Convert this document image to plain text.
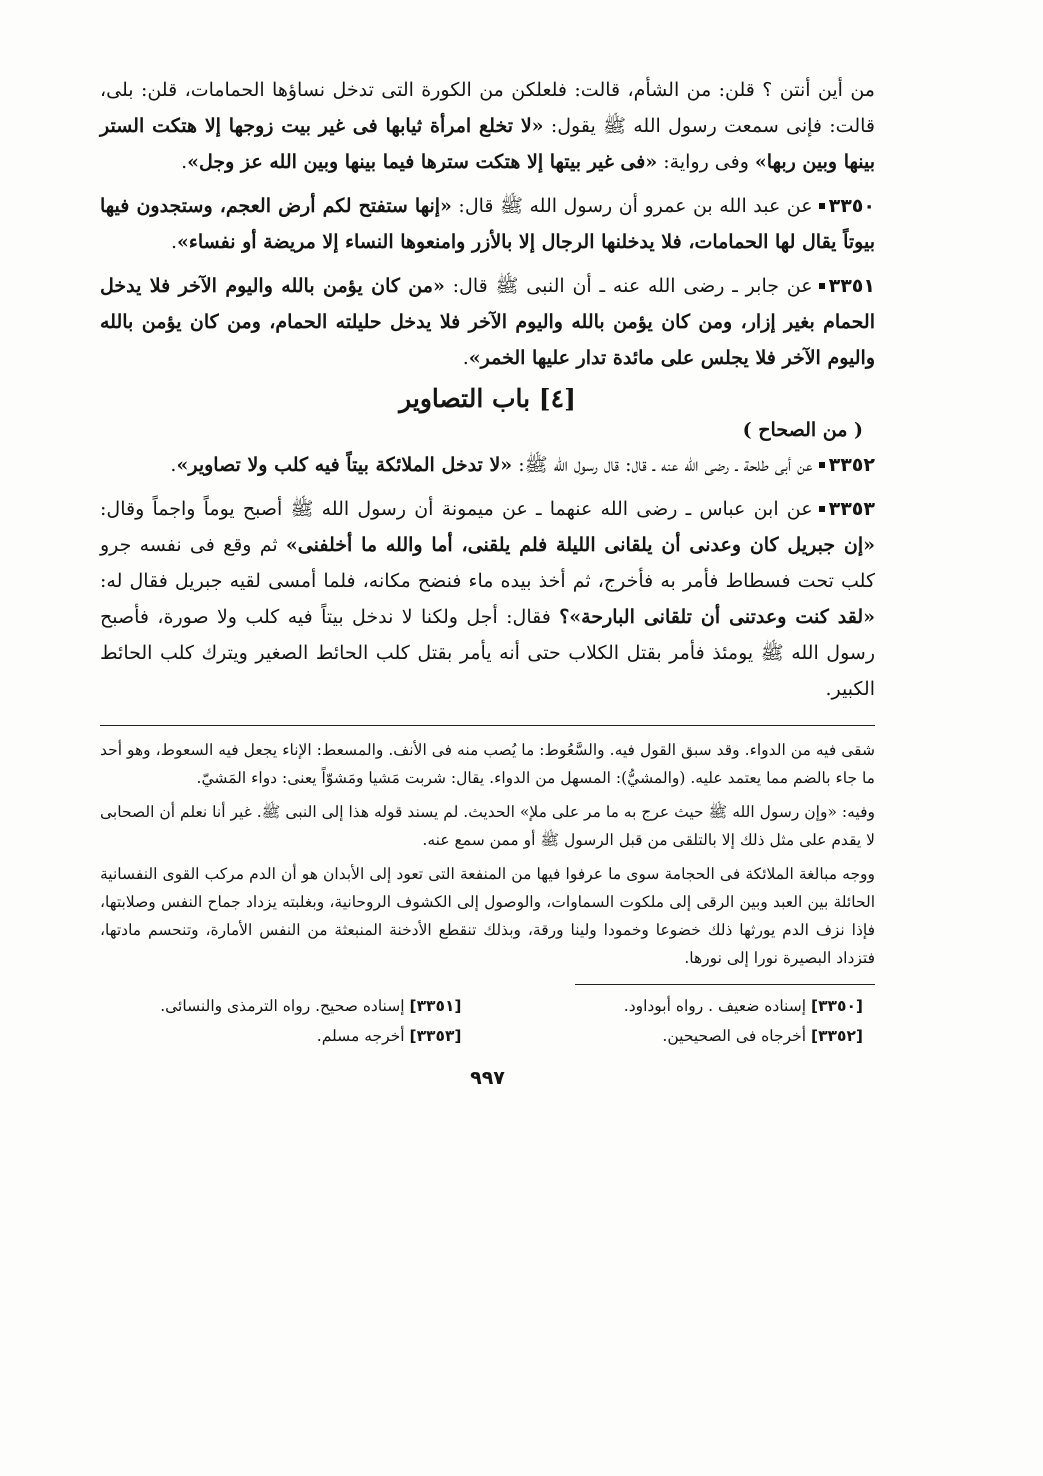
من أين أنتن ؟ قلن: من الشأم، قالت: فلعلكن من الكورة التى تدخل نساؤها الحمامات، قلن: بلى، قالت: فإنى سمعت رسول الله ﷺ يقول: «لا تخلع امرأة ثيابها فى غير بيت زوجها إلا هتكت الستر بينها وبين ربها» وفى رواية: «فى غير بيتها إلا هتكت سترها فيما بينها وبين الله عز وجل».

٣٣٥٠عن عبد الله بن عمرو أن رسول الله ﷺ قال: «إنها ستفتح لكم أرض العجم، وستجدون فيها بيوتاً يقال لها الحمامات، فلا يدخلنها الرجال إلا بالأزر وامنعوها النساء إلا مريضة أو نفساء».

٣٣٥١عن جابر ـ رضى الله عنه ـ أن النبى ﷺ قال: «من كان يؤمن بالله واليوم الآخر فلا يدخل الحمام بغير إزار، ومن كان يؤمن بالله واليوم الآخر فلا يدخل حليلته الحمام، ومن كان يؤمن بالله واليوم الآخر فلا يجلس على مائدة تدار عليها الخمر».

[٤] باب التصاوير
( من الصحاح )

٣٣٥٢عن أبى طلحة ـ رضى الله عنه ـ قال: قال رسول الله ﷺ: «لا تدخل الملائكة بيتاً فيه كلب ولا تصاوير».

٣٣٥٣عن ابن عباس ـ رضى الله عنهما ـ عن ميمونة أن رسول الله ﷺ أصبح يوماً واجماً وقال: «إن جبريل كان وعدنى أن يلقانى الليلة فلم يلقنى، أما والله ما أخلفنى» ثم وقع فى نفسه جرو كلب تحت فسطاط فأمر به فأخرج، ثم أخذ بيده ماء فنضح مكانه، فلما أمسى لقيه جبريل فقال له: «لقد كنت وعدتنى أن تلقانى البارحة»؟ فقال: أجل ولكنا لا ندخل بيتاً فيه كلب ولا صورة، فأصبح رسول الله ﷺ يومئذ فأمر بقتل الكلاب حتى أنه يأمر بقتل كلب الحائط الصغير ويترك كلب الحائط الكبير.

شقى فيه من الدواء. وقد سبق القول فيه. والسَّعُوط: ما يُصب منه فى الأنف. والمسعط: الإناء يجعل فيه السعوط، وهو أحد ما جاء بالضم مما يعتمد عليه. (والمشيُّ): المسهل من الدواء. يقال: شربت مَشيا ومَشوّاً يعنى: دواء المَشيّ.

وفيه: «وإن رسول الله ﷺ حيث عرج به ما مر على ملإ» الحديث. لم يسند قوله هذا إلى النبى ﷺ. غير أنا نعلم أن الصحابى لا يقدم على مثل ذلك إلا بالتلقى من قبل الرسول ﷺ أو ممن سمع عنه.

ووجه مبالغة الملائكة فى الحجامة سوى ما عرفوا فيها من المنفعة التى تعود إلى الأبدان هو أن الدم مركب القوى النفسانية الحائلة بين العبد وبين الرقى إلى ملكوت السماوات، والوصول إلى الكشوف الروحانية، وبغلبته يزداد جماح النفس وصلابتها، فإذا نزف الدم يورثها ذلك خضوعا وخمودا ولينا ورقة، وبذلك تنقطع الأدخنة المنبعثة من النفس الأمارة، وتنحسم مادتها، فتزداد البصيرة نورا إلى نورها.

[٣٣٥٠] إسناده ضعيف . رواه أبوداود.
[٣٣٥١] إسناده صحيح. رواه الترمذى والنسائى.
[٣٣٥٢] أخرجاه فى الصحيحين.
[٣٣٥٣] أخرجه مسلم.
٩٩٧
